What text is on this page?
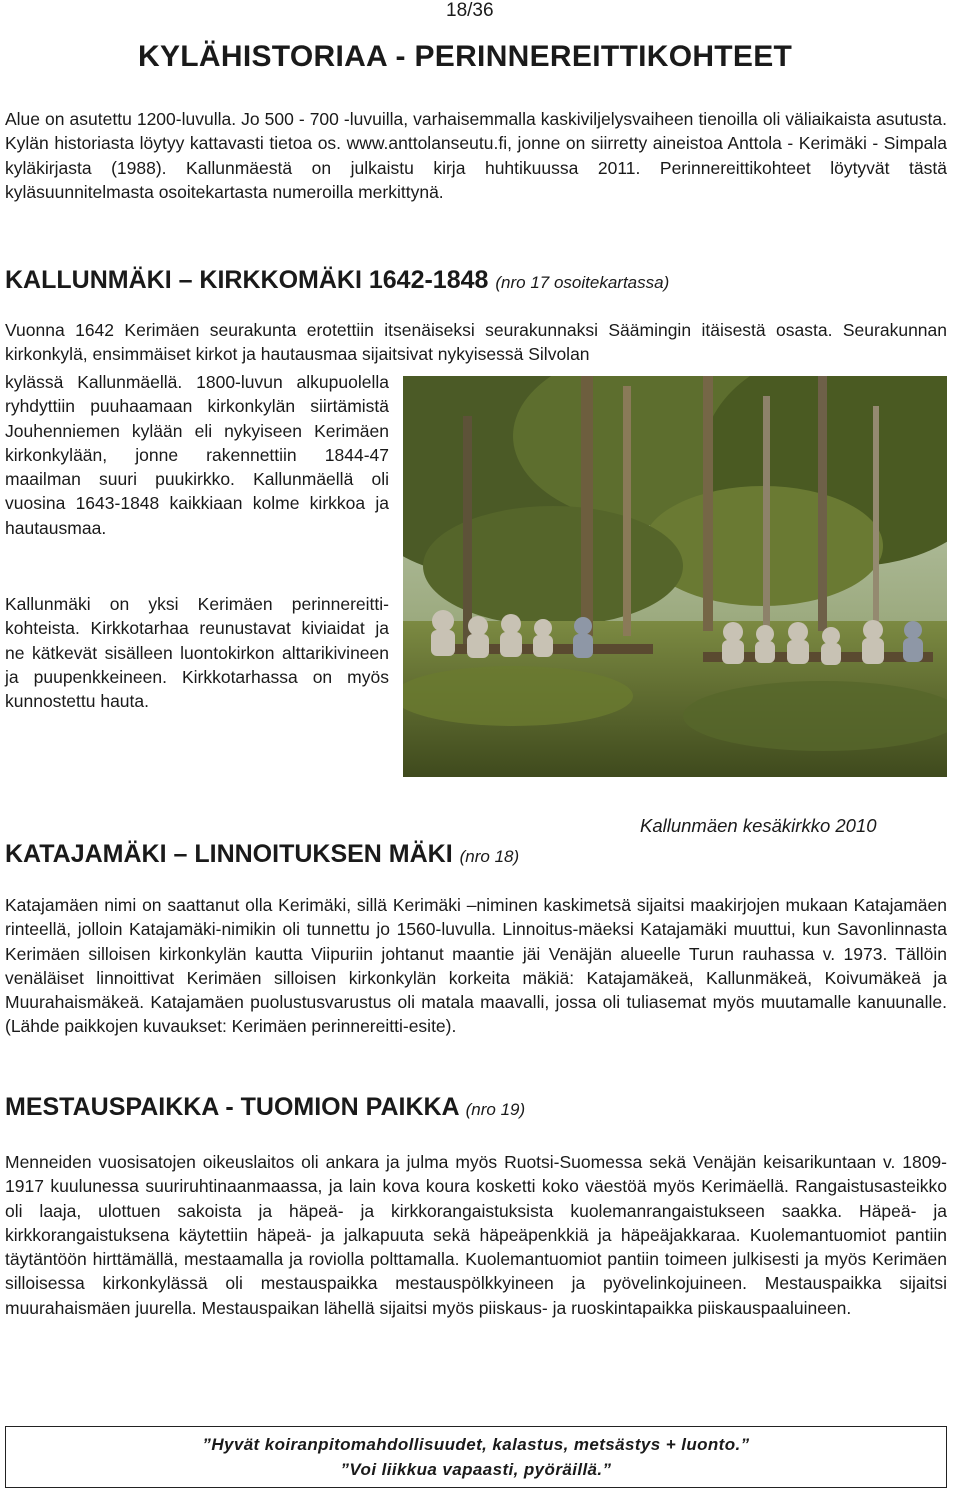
18/36
KYLÄHISTORIAA - PERINNEREITTIKOHTEET
Alue on asutettu 1200-luvulla. Jo 500 - 700 -luvuilla, varhaisemmalla kaskiviljelysvaiheen tienoilla oli väliaikaista asutusta. Kylän historiasta löytyy kattavasti tietoa os. www.anttolanseutu.fi, jonne on siirretty aineistoa Anttola - Kerimäki - Simpala kyläkirjasta (1988). Kallunmäestä on julkaistu kirja huhtikuussa 2011. Perinnereittikohteet löytyvät tästä kyläsuunnitelmasta osoitekartasta numeroilla merkittynä.
KALLUNMÄKI – KIRKKOMÄKI 1642-1848 (nro 17 osoitekartassa)
Vuonna 1642 Kerimäen seurakunta erotettiin itsenäiseksi seurakunnaksi Säämingin itäisestä osasta. Seurakunnan kirkonkylä, ensimmäiset kirkot ja hautausmaa sijaitsivat nykyisessä Silvolan
kylässä Kallunmäellä. 1800-luvun alkupuolella ryhdyttiin puuhaamaan kirkonkylän siirtämistä Jouhenniemen kylään eli nykyiseen Kerimäen kirkonkylään, jonne rakennettiin 1844-47 maailman suuri puukirkko. Kallunmäellä oli vuosina 1643-1848 kaikkiaan kolme kirkkoa ja hautausmaa.
Kallunmäki on yksi Kerimäen perinnereitti-kohteista. Kirkkotarhaa reunustavat kiviaidat ja ne kätkevät sisälleen luontokirkon alttarikivineen ja puupenkkeineen. Kirkkotarhassa on myös kunnostettu hauta.
Kallunmäen kesäkirkko 2010
KATAJAMÄKI – LINNOITUKSEN MÄKI (nro 18)
Katajamäen nimi on saattanut olla Kerimäki, sillä Kerimäki –niminen kaskimetsä sijaitsi maakirjojen mukaan Katajamäen rinteellä, jolloin Katajamäki-nimikin oli tunnettu jo 1560-luvulla. Linnoitus-mäeksi Katajamäki muuttui, kun Savonlinnasta Kerimäen silloisen kirkonkylän kautta Viipuriin johtanut maantie jäi Venäjän alueelle Turun rauhassa v. 1973. Tällöin venäläiset linnoittivat Kerimäen silloisen kirkonkylän korkeita mäkiä: Katajamäkeä, Kallunmäkeä, Koivumäkeä ja Muurahaismäkeä. Katajamäen puolustusvarustus oli matala maavalli, jossa oli tuliasemat myös muutamalle kanuunalle. (Lähde paikkojen kuvaukset: Kerimäen perinnereitti-esite).
MESTAUSPAIKKA - TUOMION PAIKKA (nro 19)
Menneiden vuosisatojen oikeuslaitos oli ankara ja julma myös Ruotsi-Suomessa sekä Venäjän keisarikuntaan v. 1809-1917 kuulunessa suuriruhtinaanmaassa, ja lain kova koura kosketti koko väestöä myös Kerimäellä. Rangaistusasteikko oli laaja, ulottuen sakoista ja häpeä- ja kirkkorangaistuksista kuolemanrangaistukseen saakka. Häpeä- ja kirkkorangaistuksena käytettiin häpeä- ja jalkapuuta sekä häpeäpenkkiä ja häpeäjakkaraa. Kuolemantuomiot pantiin täytäntöön hirttämällä, mestaamalla ja roviolla polttamalla. Kuolemantuomiot pantiin toimeen julkisesti ja myös Kerimäen silloisessa kirkonkylässä oli mestauspaikka mestauspölkkyineen ja pyövelinkojuineen. Mestauspaikka sijaitsi muurahaismäen juurella. Mestauspaikan lähellä sijaitsi myös piiskaus- ja ruoskintapaikka piiskauspaaluineen.
”Hyvät koiranpitomahdollisuudet, kalastus, metsästys + luonto.”
”Voi liikkua vapaasti, pyöräillä.”
